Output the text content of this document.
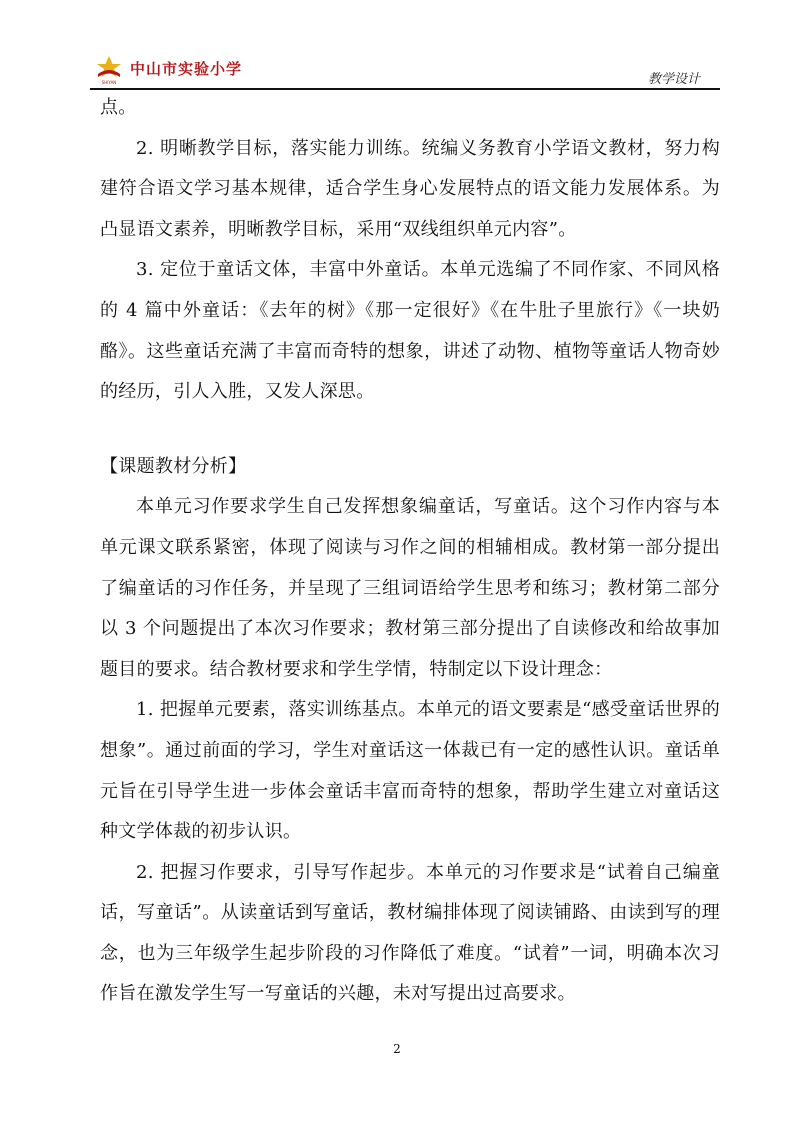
SHIYAN
中山市实验小学
教学设计

点。

2. 明晰教学目标，落实能力训练。统编义务教育小学语文教材，努力构建符合语文学习基本规律，适合学生身心发展特点的语文能力发展体系。为凸显语文素养，明晰教学目标，采用“双线组织单元内容”。

3. 定位于童话文体，丰富中外童话。本单元选编了不同作家、不同风格的 4 篇中外童话：《去年的树》《那一定很好》《在牛肚子里旅行》《一块奶酪》。这些童话充满了丰富而奇特的想象，讲述了动物、植物等童话人物奇妙的经历，引人入胜，又发人深思。

【课题教材分析】

本单元习作要求学生自己发挥想象编童话，写童话。这个习作内容与本单元课文联系紧密，体现了阅读与习作之间的相辅相成。教材第一部分提出了编童话的习作任务，并呈现了三组词语给学生思考和练习；教材第二部分以 3 个问题提出了本次习作要求；教材第三部分提出了自读修改和给故事加题目的要求。结合教材要求和学生学情，特制定以下设计理念：

1. 把握单元要素，落实训练基点。本单元的语文要素是“感受童话世界的想象”。通过前面的学习，学生对童话这一体裁已有一定的感性认识。童话单元旨在引导学生进一步体会童话丰富而奇特的想象，帮助学生建立对童话这种文学体裁的初步认识。

2. 把握习作要求，引导写作起步。本单元的习作要求是“试着自己编童话，写童话”。从读童话到写童话，教材编排体现了阅读铺路、由读到写的理念，也为三年级学生起步阶段的习作降低了难度。“试着”一词，明确本次习作旨在激发学生写一写童话的兴趣，未对写提出过高要求。

2
